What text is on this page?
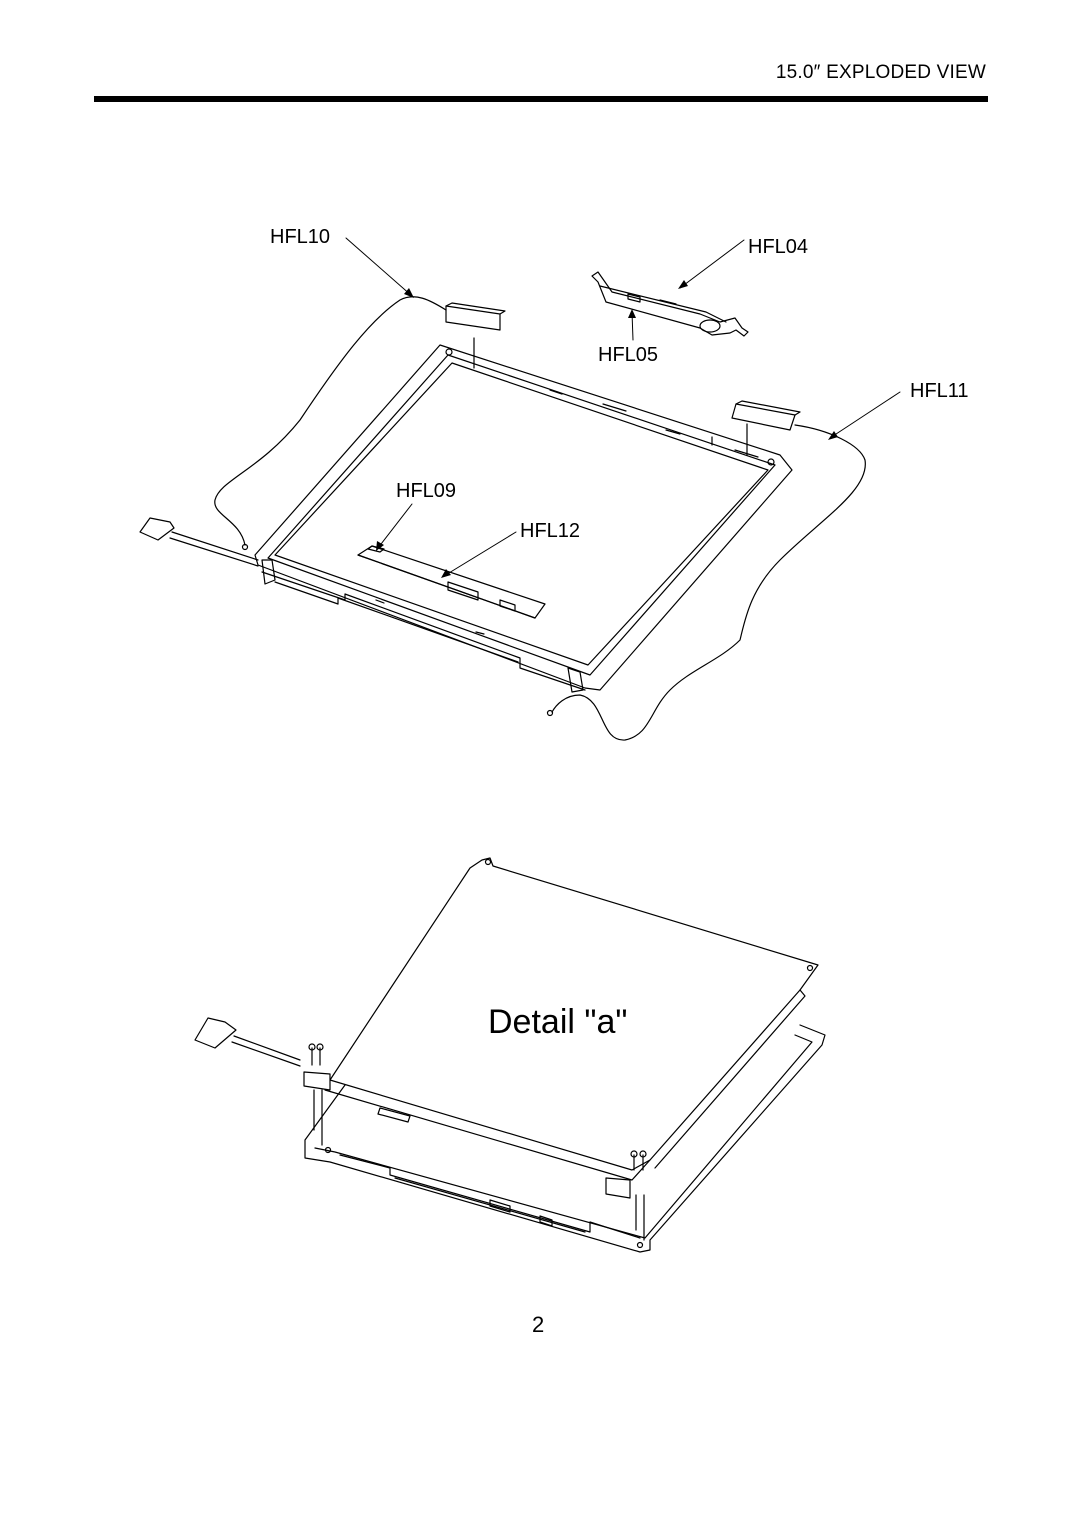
15.0″ EXPLODED VIEW
HFL10	HFL04
HFL05
HFL11
HFL09
HFL12
Detail "a"
2
